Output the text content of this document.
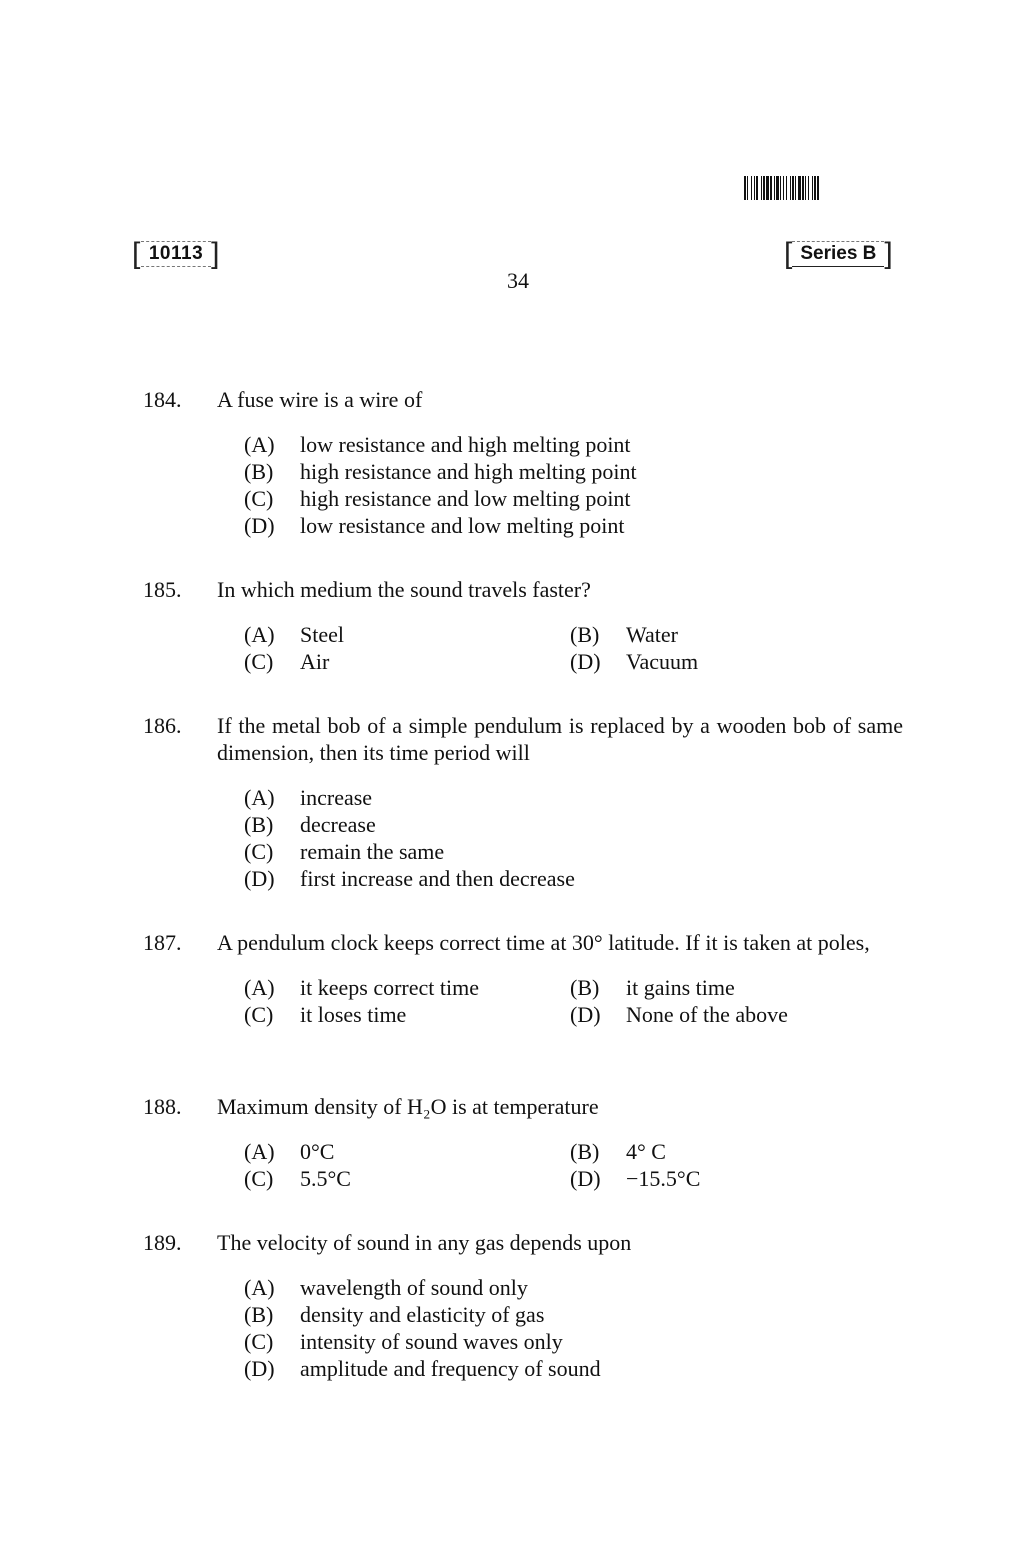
[ 10113 ]	[ Series B ]
34
184. A fuse wire is a wire of
(A)	low resistance and high melting point
(B)	high resistance and high melting point
(C)	high resistance and low melting point
(D)	low resistance and low melting point
185. In which medium the sound travels faster?
(A)	Steel	(B)	Water
(C)	Air	(D)	Vacuum
186. If the metal bob of a simple pendulum is replaced by a wooden bob of same dimension, then its time period will
(A)	increase
(B)	decrease
(C)	remain the same
(D)	first increase and then decrease
187. A pendulum clock keeps correct time at 30° latitude. If it is taken at poles,
(A)	it keeps correct time	(B)	it gains time
(C)	it loses time	(D)	None of the above
188. Maximum density of H₂O is at temperature
(A)	0°C	(B)	4° C
(C)	5.5°C	(D)	−15.5°C
189. The velocity of sound in any gas depends upon
(A)	wavelength of sound only
(B)	density and elasticity of gas
(C)	intensity of sound waves only
(D)	amplitude and frequency of sound
